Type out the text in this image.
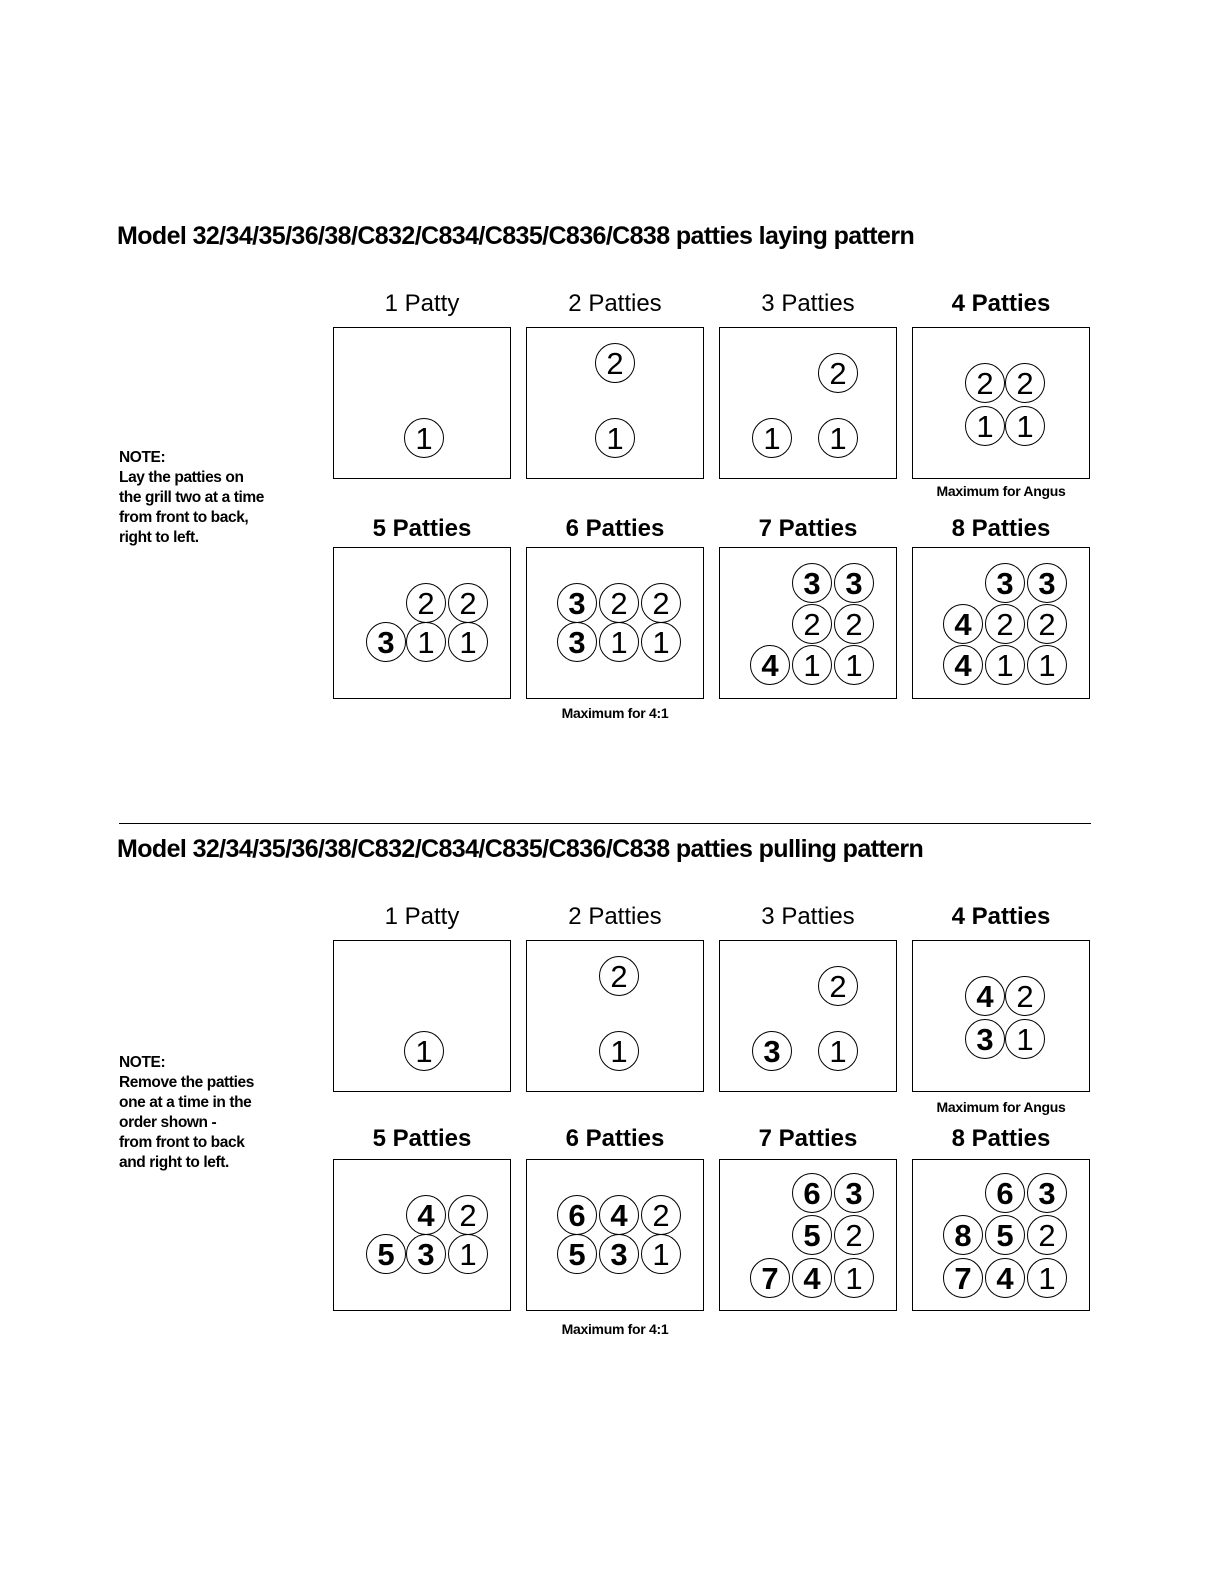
Model 32/34/35/36/38/C832/C834/C835/C836/C838 patties laying pattern
NOTE:
Lay the patties on
the grill two at a time
from front to back,
right to left.
1 Patty
1
2 Patties
2
1
3 Patties
2
1	1
4 Patties
2 2
1 1
Maximum for Angus
5 Patties
2 2
3 1 1
6 Patties
3 2 2
3 1 1
Maximum for 4:1
7 Patties
3 3
2 2
4 1 1
8 Patties
3 3
4 2 2
4 1 1
Model 32/34/35/36/38/C832/C834/C835/C836/C838 patties pulling pattern
NOTE:
Remove the patties
one at a time in the
order shown -
from front to back
and right to left.
1 Patty
1
2 Patties
2
1
3 Patties
2
3	1
4 Patties
4 2
3 1
Maximum for Angus
5 Patties
4 2
5 3 1
6 Patties
6 4 2
5 3 1
Maximum for 4:1
7 Patties
6 3
5 2
7 4 1
8 Patties
6 3
8 5 2
7 4 1
